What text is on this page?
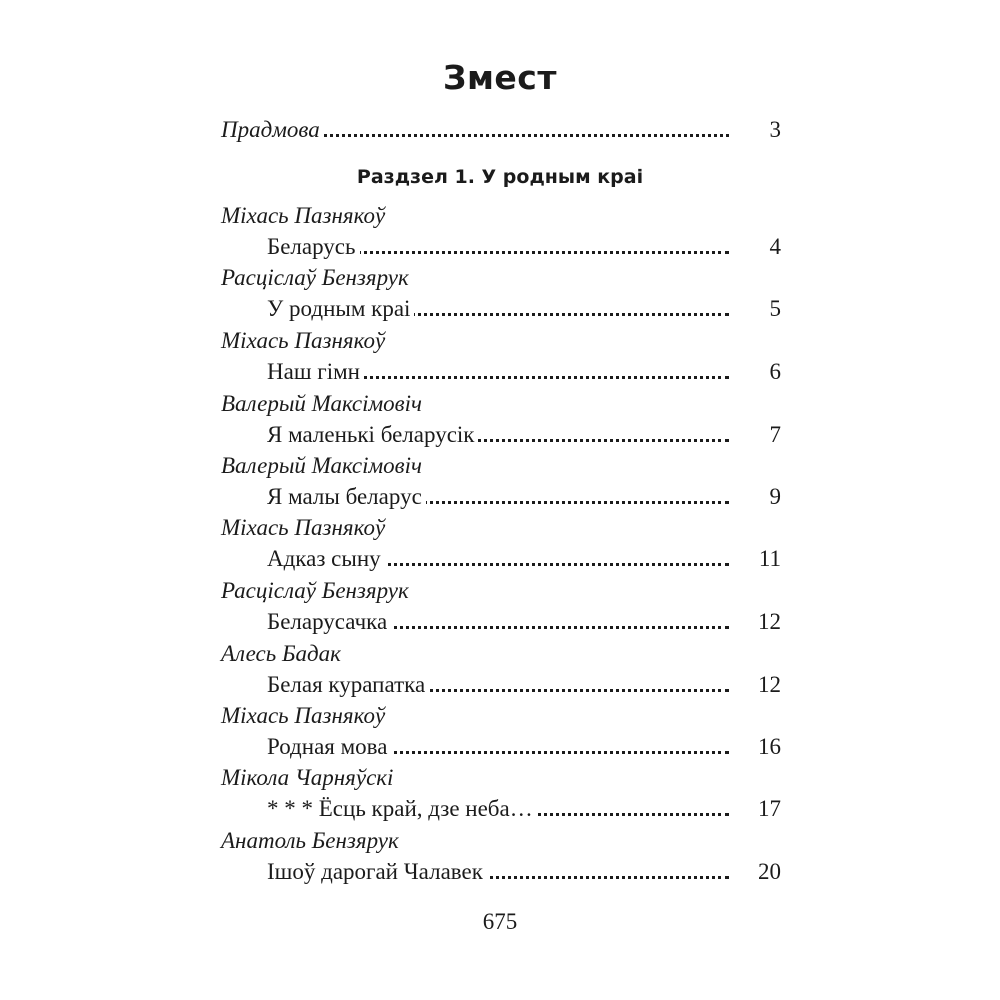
Змест
Прадмова	3
Раздзел 1. У родным краі
Міхась Пазнякоў
Беларусь	4
Расціслаў Бензярук
У родным краі	5
Міхась Пазнякоў
Наш гімн	6
Валерый Максімовіч
Я маленькі беларусік	7
Валерый Максімовіч
Я малы беларус	9
Міхась Пазнякоў
Адказ сыну	11
Расціслаў Бензярук
Беларусачка	12
Алесь Бадак
Белая курапатка	12
Міхась Пазнякоў
Родная мова	16
Мікола Чарняўскі
* * * Ёсць край, дзе неба…	17
Анатоль Бензярук
Ішоў дарогай Чалавек	20
675
